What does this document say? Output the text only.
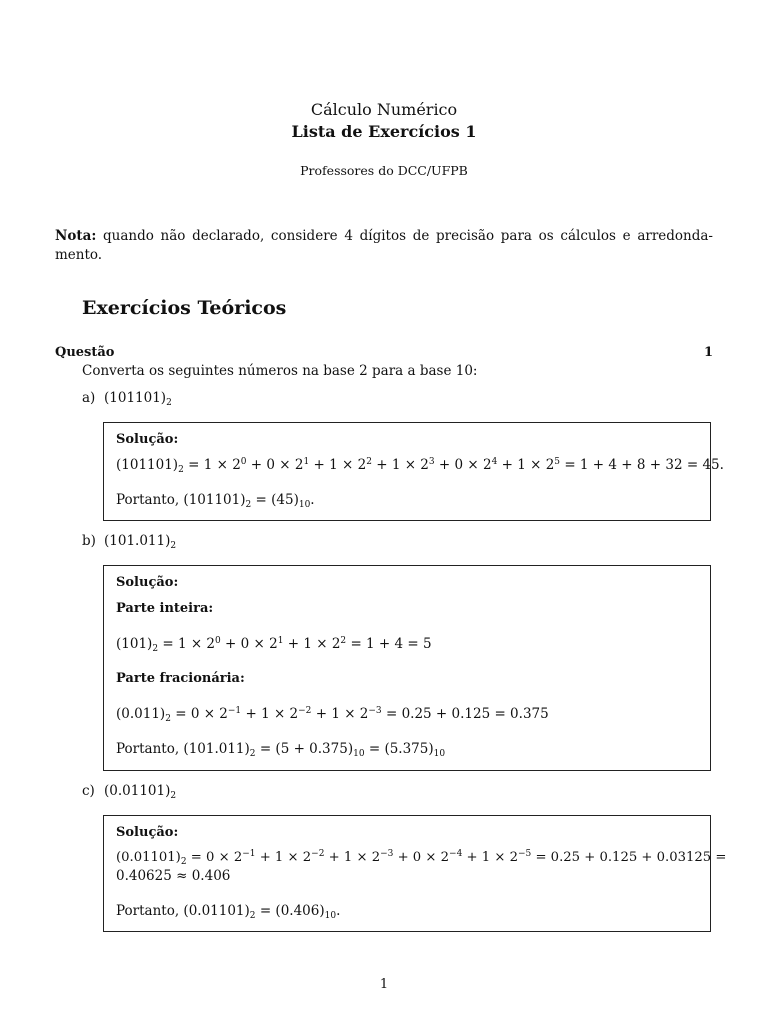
Cálculo Numérico
Lista de Exercícios 1
Professores do DCC/UFPB
Nota: quando não declarado, considere 4 dígitos de precisão para os cálculos e arredonda-mento.
Exercícios Teóricos
Questão	1
Converta os seguintes números na base 2 para a base 10:
a) $(101101)_2$
Solução:
$(101101)_2 = 1 \times 2^0 + 0 \times 2^1 + 1 \times 2^2 + 1 \times 2^3 + 0 \times 2^4 + 1 \times 2^5 = 1 + 4 + 8 + 32 = 45$.
Portanto, $(101101)_2 = (45)_{10}$.
b) $(101.011)_2$
Solução:
Parte inteira:
$(101)_2 = 1 \times 2^0 + 0 \times 2^1 + 1 \times 2^2 = 1 + 4 = 5$
Parte fracionária:
$(0.011)_2 = 0 \times 2^{-1} + 1 \times 2^{-2} + 1 \times 2^{-3} = 0.25 + 0.125 = 0.375$
Portanto, $(101.011)_2 = (5 + 0.375)_{10} = (5.375)_{10}$
c) $(0.01101)_2$
Solução:
$(0.01101)_2 = 0 \times 2^{-1} + 1 \times 2^{-2} + 1 \times 2^{-3} + 0 \times 2^{-4} + 1 \times 2^{-5} = 0.25 + 0.125 + 0.03125$ =
0.40625 ≈ 0.406
Portanto, $(0.01101)_2 = (0.406)_{10}$.
1
